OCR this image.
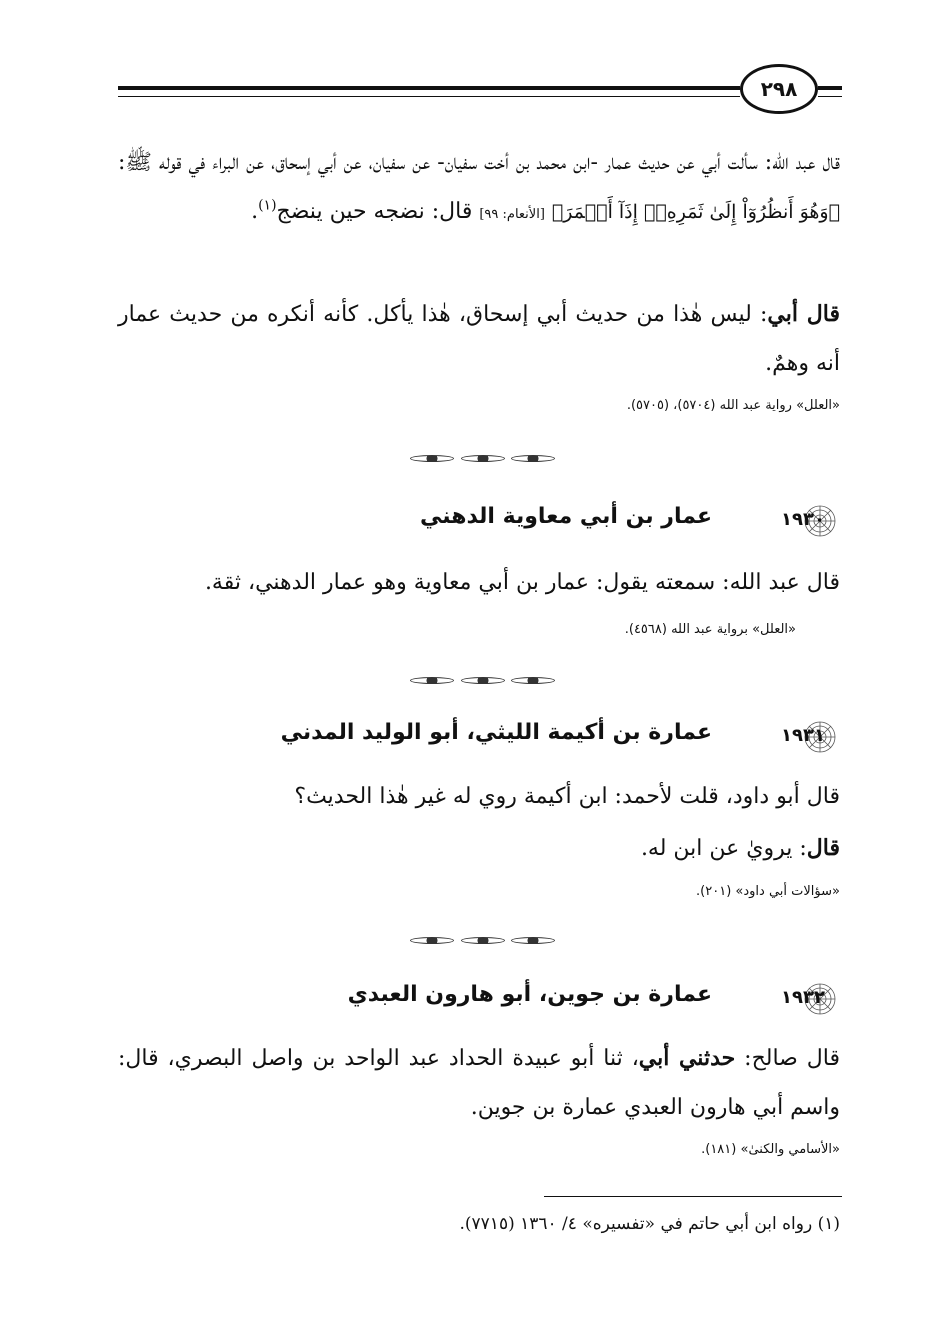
٢٩٨

قال عبد الله: سألت أبي عن حديث عمار -ابن محمد بن أخت سفيان- عن سفيان، عن أبي إسحاق، عن البراء في قوله ﷺ: ﴿وَهُوَ أَنظُرُوٓاْ إِلَىٰ ثَمَرِهِۦٓ إِذَآ أَثۡمَرَ﴾ [الأنعام: ٩٩] قال: نضجه حين ينضج$^{(١)}$.

قال أبي: ليس هٰذا من حديث أبي إسحاق، هٰذا يأكل. كأنه أنكره من حديث عمار أنه وهمٌ.

«العلل» رواية عبد الله (٥٧٠٤)، (٥٧٠٥).

١٩٣٠
عمار بن أبي معاوية الدهني

قال عبد الله: سمعته يقول: عمار بن أبي معاوية وهو عمار الدهني، ثقة.

«العلل» برواية عبد الله (٤٥٦٨).

١٩٣١
عمارة بن أكيمة الليثي، أبو الوليد المدني

قال أبو داود، قلت لأحمد: ابن أكيمة روي له غير هٰذا الحديث؟

قال: يرويٰ عن ابن له.

«سؤالات أبي داود» (٢٠١).

١٩٣٢
عمارة بن جوين، أبو هارون العبدي

قال صالح: حدثني أبي، ثنا أبو عبيدة الحداد عبد الواحد بن واصل البصري، قال: واسم أبي هارون العبدي عمارة بن جوين.

«الأسامي والكنىٰ» (١٨١).

(١) رواه ابن أبي حاتم في «تفسيره» ٤/ ١٣٦٠ (٧٧١٥).
